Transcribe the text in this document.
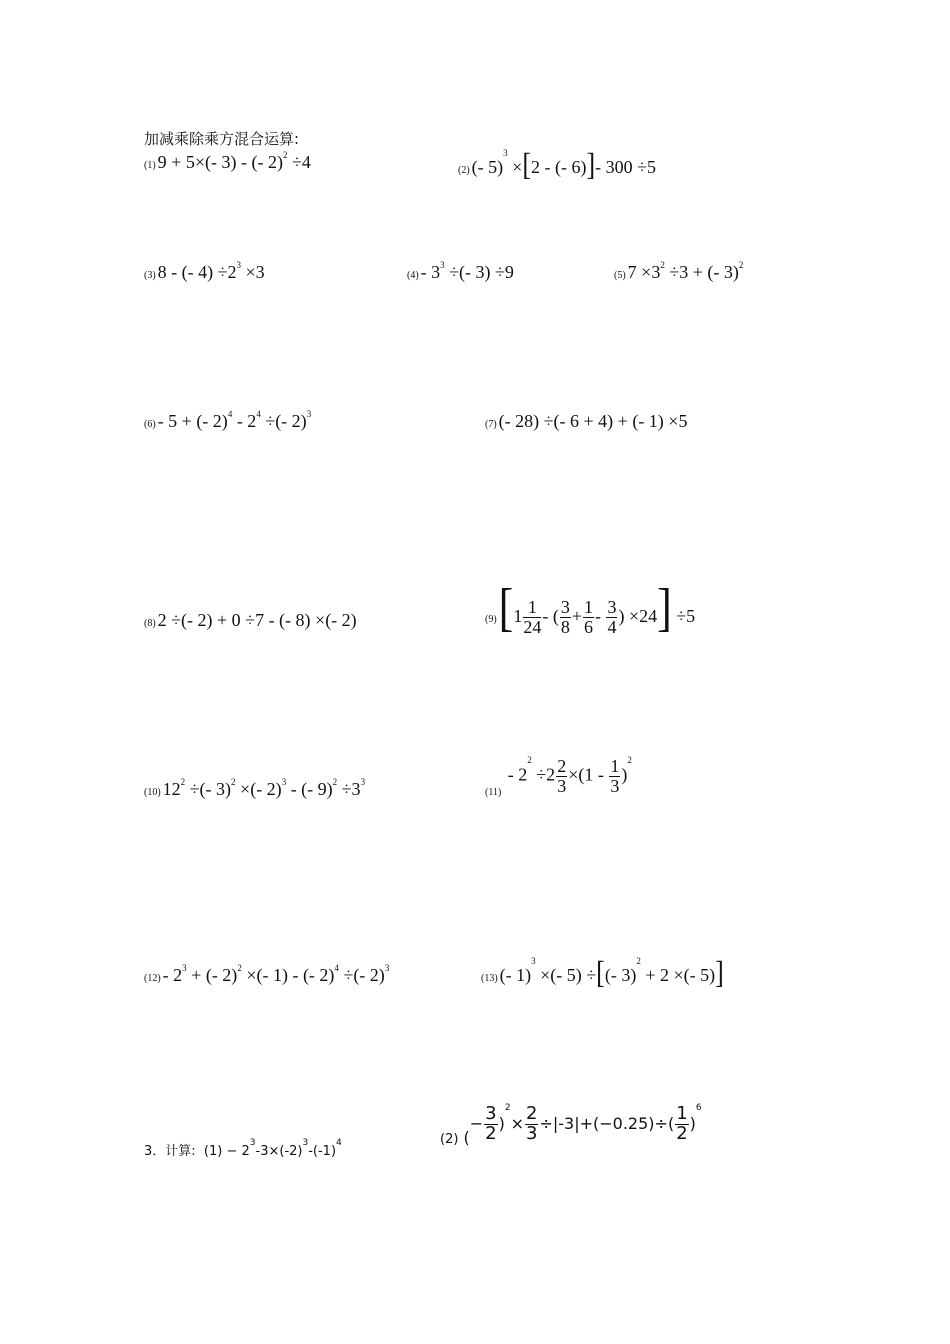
加减乘除乘方混合运算:
(1) 9 + 5×(- 3) - (- 2)$^2$ ÷4	(2) (- 5)$^3$ ×[2 - (- 6)]- 300 ÷5
(3) 8 - (- $4) \div 2^3 \times 3$	$(4) - 3^3$ ÷(- 3) ÷9	(5) $7 \times 3^2 \div 3$ + (- 3)$^2$
(6) - 5 + (- $2)^4 - 2^4$ ÷(- 2)$^3$
(7) (- 28) ÷(- 6 + 4) + (- 1) ×5
(8) 2 ÷(- 2) + 0 ÷7 - (- 8) ×(- 2)	$(9)[1 \frac{1}{24}$ - ( $\frac{3}{8} + \frac{1}{6} - \frac{3}{4}$ ) ×24] ÷5
(10) $12^2$ ÷(- 3)$^2$ ×(- 2)$^3$ - (- $9)^2 \div 3^3$
$_{(11)} - 2^2 \div 2 \frac{2}{3} \times(1 - \frac{1}{3} )^2$
$(12) - 2^3$ + (- 2)$^2$ ×(- 1) - (- 2)$^4$ ÷(- 2)$^3$
(13) (- 1)$^3$ ×(- 5) ÷[(- 3)$^2$ + 2 ×(- 5)]
3．计算: $(1) - 2^3-3\times(-2)^3-(-1)^4$	$_{(2)}$ (− $\frac{3}{2} )^2\times \frac{2}{3} \div|-3|+(-0.25)\div( \frac{1}{2} )^6$
